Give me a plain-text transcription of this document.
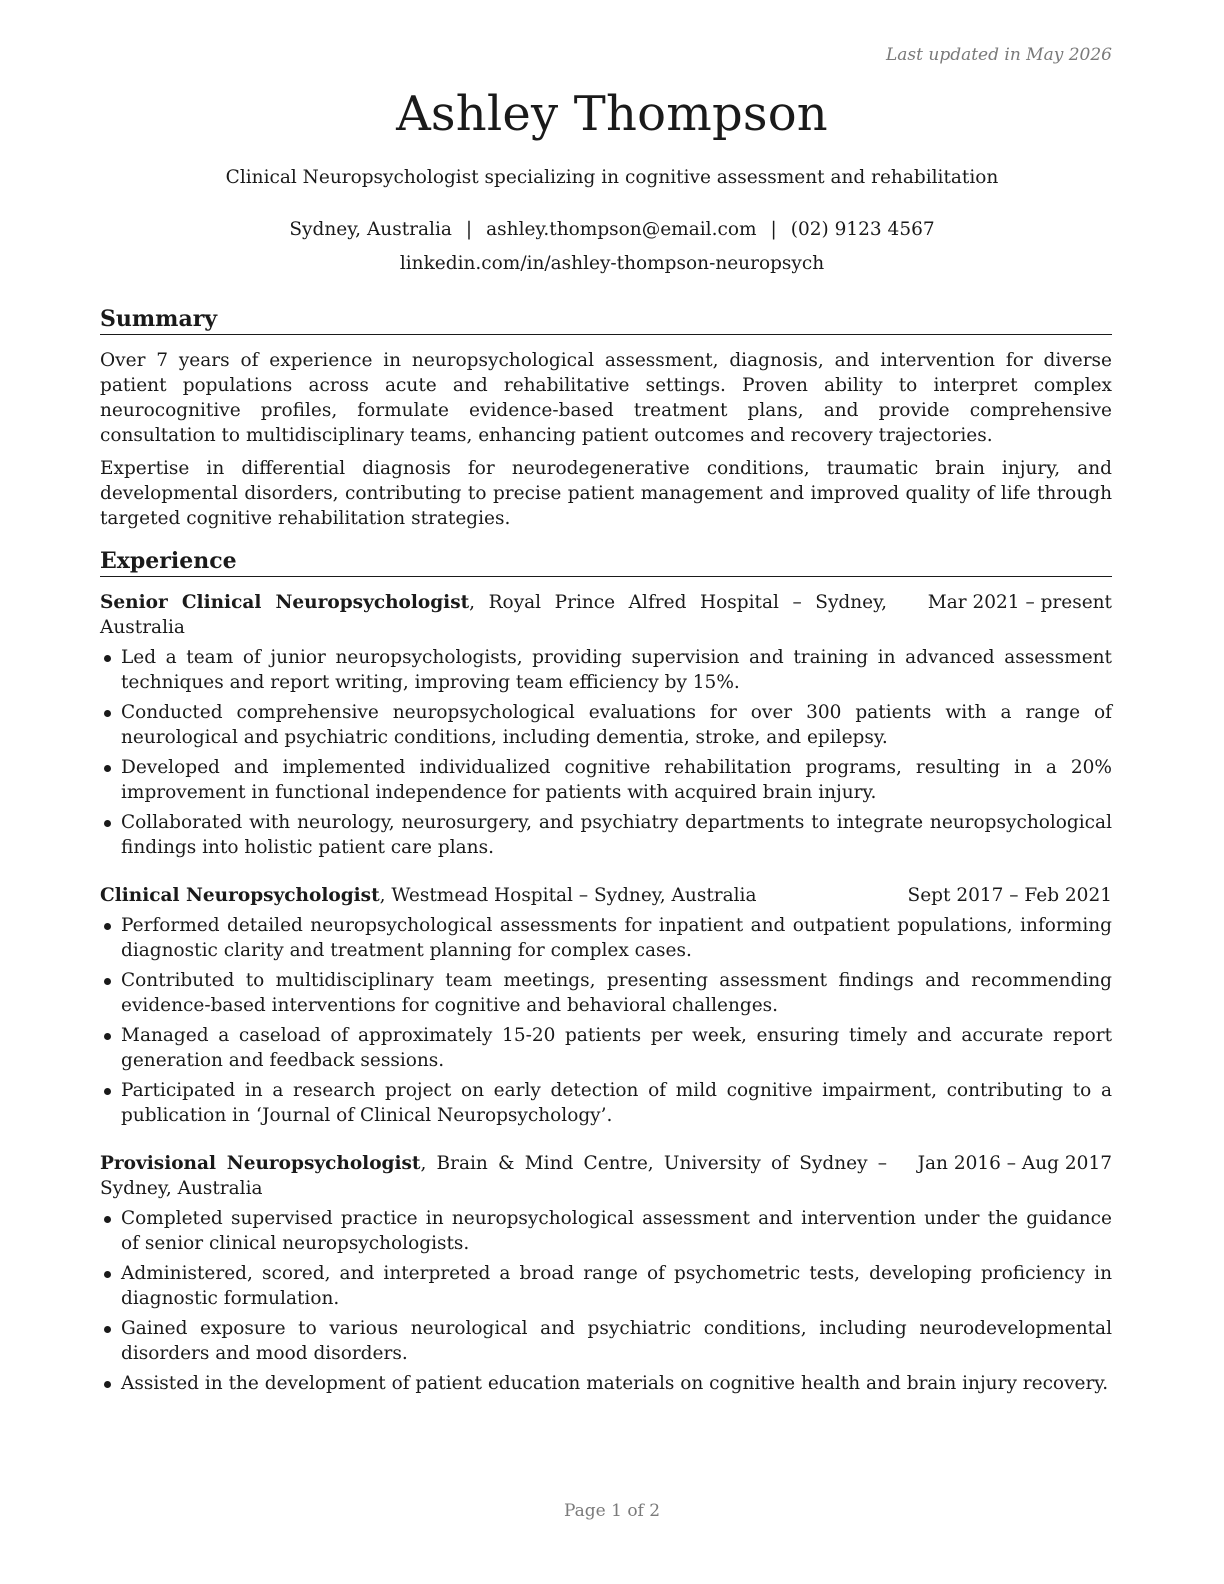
Last updated in May 2026
Ashley Thompson
Clinical Neuropsychologist specializing in cognitive assessment and rehabilitation
Sydney, Australia | ashley.thompson@email.com | (02) 9123 4567
linkedin.com/in/ashley-thompson-neuropsych
Summary

Over 7 years of experience in neuropsychological assessment, diagnosis, and intervention for diverse patient populations across acute and rehabilitative settings. Proven ability to interpret complex neurocognitive profiles, formulate evidence-based treatment plans, and provide comprehensive consultation to multidisciplinary teams, enhancing patient outcomes and recovery trajectories.

Expertise in differential diagnosis for neurodegenerative conditions, traumatic brain injury, and developmental disorders, contributing to precise patient management and improved quality of life through targeted cognitive rehabilitation strategies.

Experience
Senior Clinical Neuropsychologist, Royal Prince Alfred Hospital – Sydney, Australia
Mar 2021 – present
Led a team of junior neuropsychologists, providing supervision and training in advanced assessment techniques and report writing, improving team efficiency by 15%.
Conducted comprehensive neuropsychological evaluations for over 300 patients with a range of neurological and psychiatric conditions, including dementia, stroke, and epilepsy.
Developed and implemented individualized cognitive rehabilitation programs, resulting in a 20% improvement in functional independence for patients with acquired brain injury.
Collaborated with neurology, neurosurgery, and psychiatry departments to integrate neuropsychological findings into holistic patient care plans.
Clinical Neuropsychologist, Westmead Hospital – Sydney, Australia	Sept 2017 – Feb 2021
Performed detailed neuropsychological assessments for inpatient and outpatient populations, informing diagnostic clarity and treatment planning for complex cases.
Contributed to multidisciplinary team meetings, presenting assessment findings and recommending evidence-based interventions for cognitive and behavioral challenges.
Managed a caseload of approximately 15-20 patients per week, ensuring timely and accurate report generation and feedback sessions.
Participated in a research project on early detection of mild cognitive impairment, contributing to a publication in ‘Journal of Clinical Neuropsychology’.
Provisional Neuropsychologist, Brain & Mind Centre, University of Sydney – Sydney, Australia
Jan 2016 – Aug 2017
Completed supervised practice in neuropsychological assessment and intervention under the guidance of senior clinical neuropsychologists.
Administered, scored, and interpreted a broad range of psychometric tests, developing proficiency in diagnostic formulation.
Gained exposure to various neurological and psychiatric conditions, including neurodevelopmental disorders and mood disorders.
Assisted in the development of patient education materials on cognitive health and brain injury recovery.
Page 1 of 2
